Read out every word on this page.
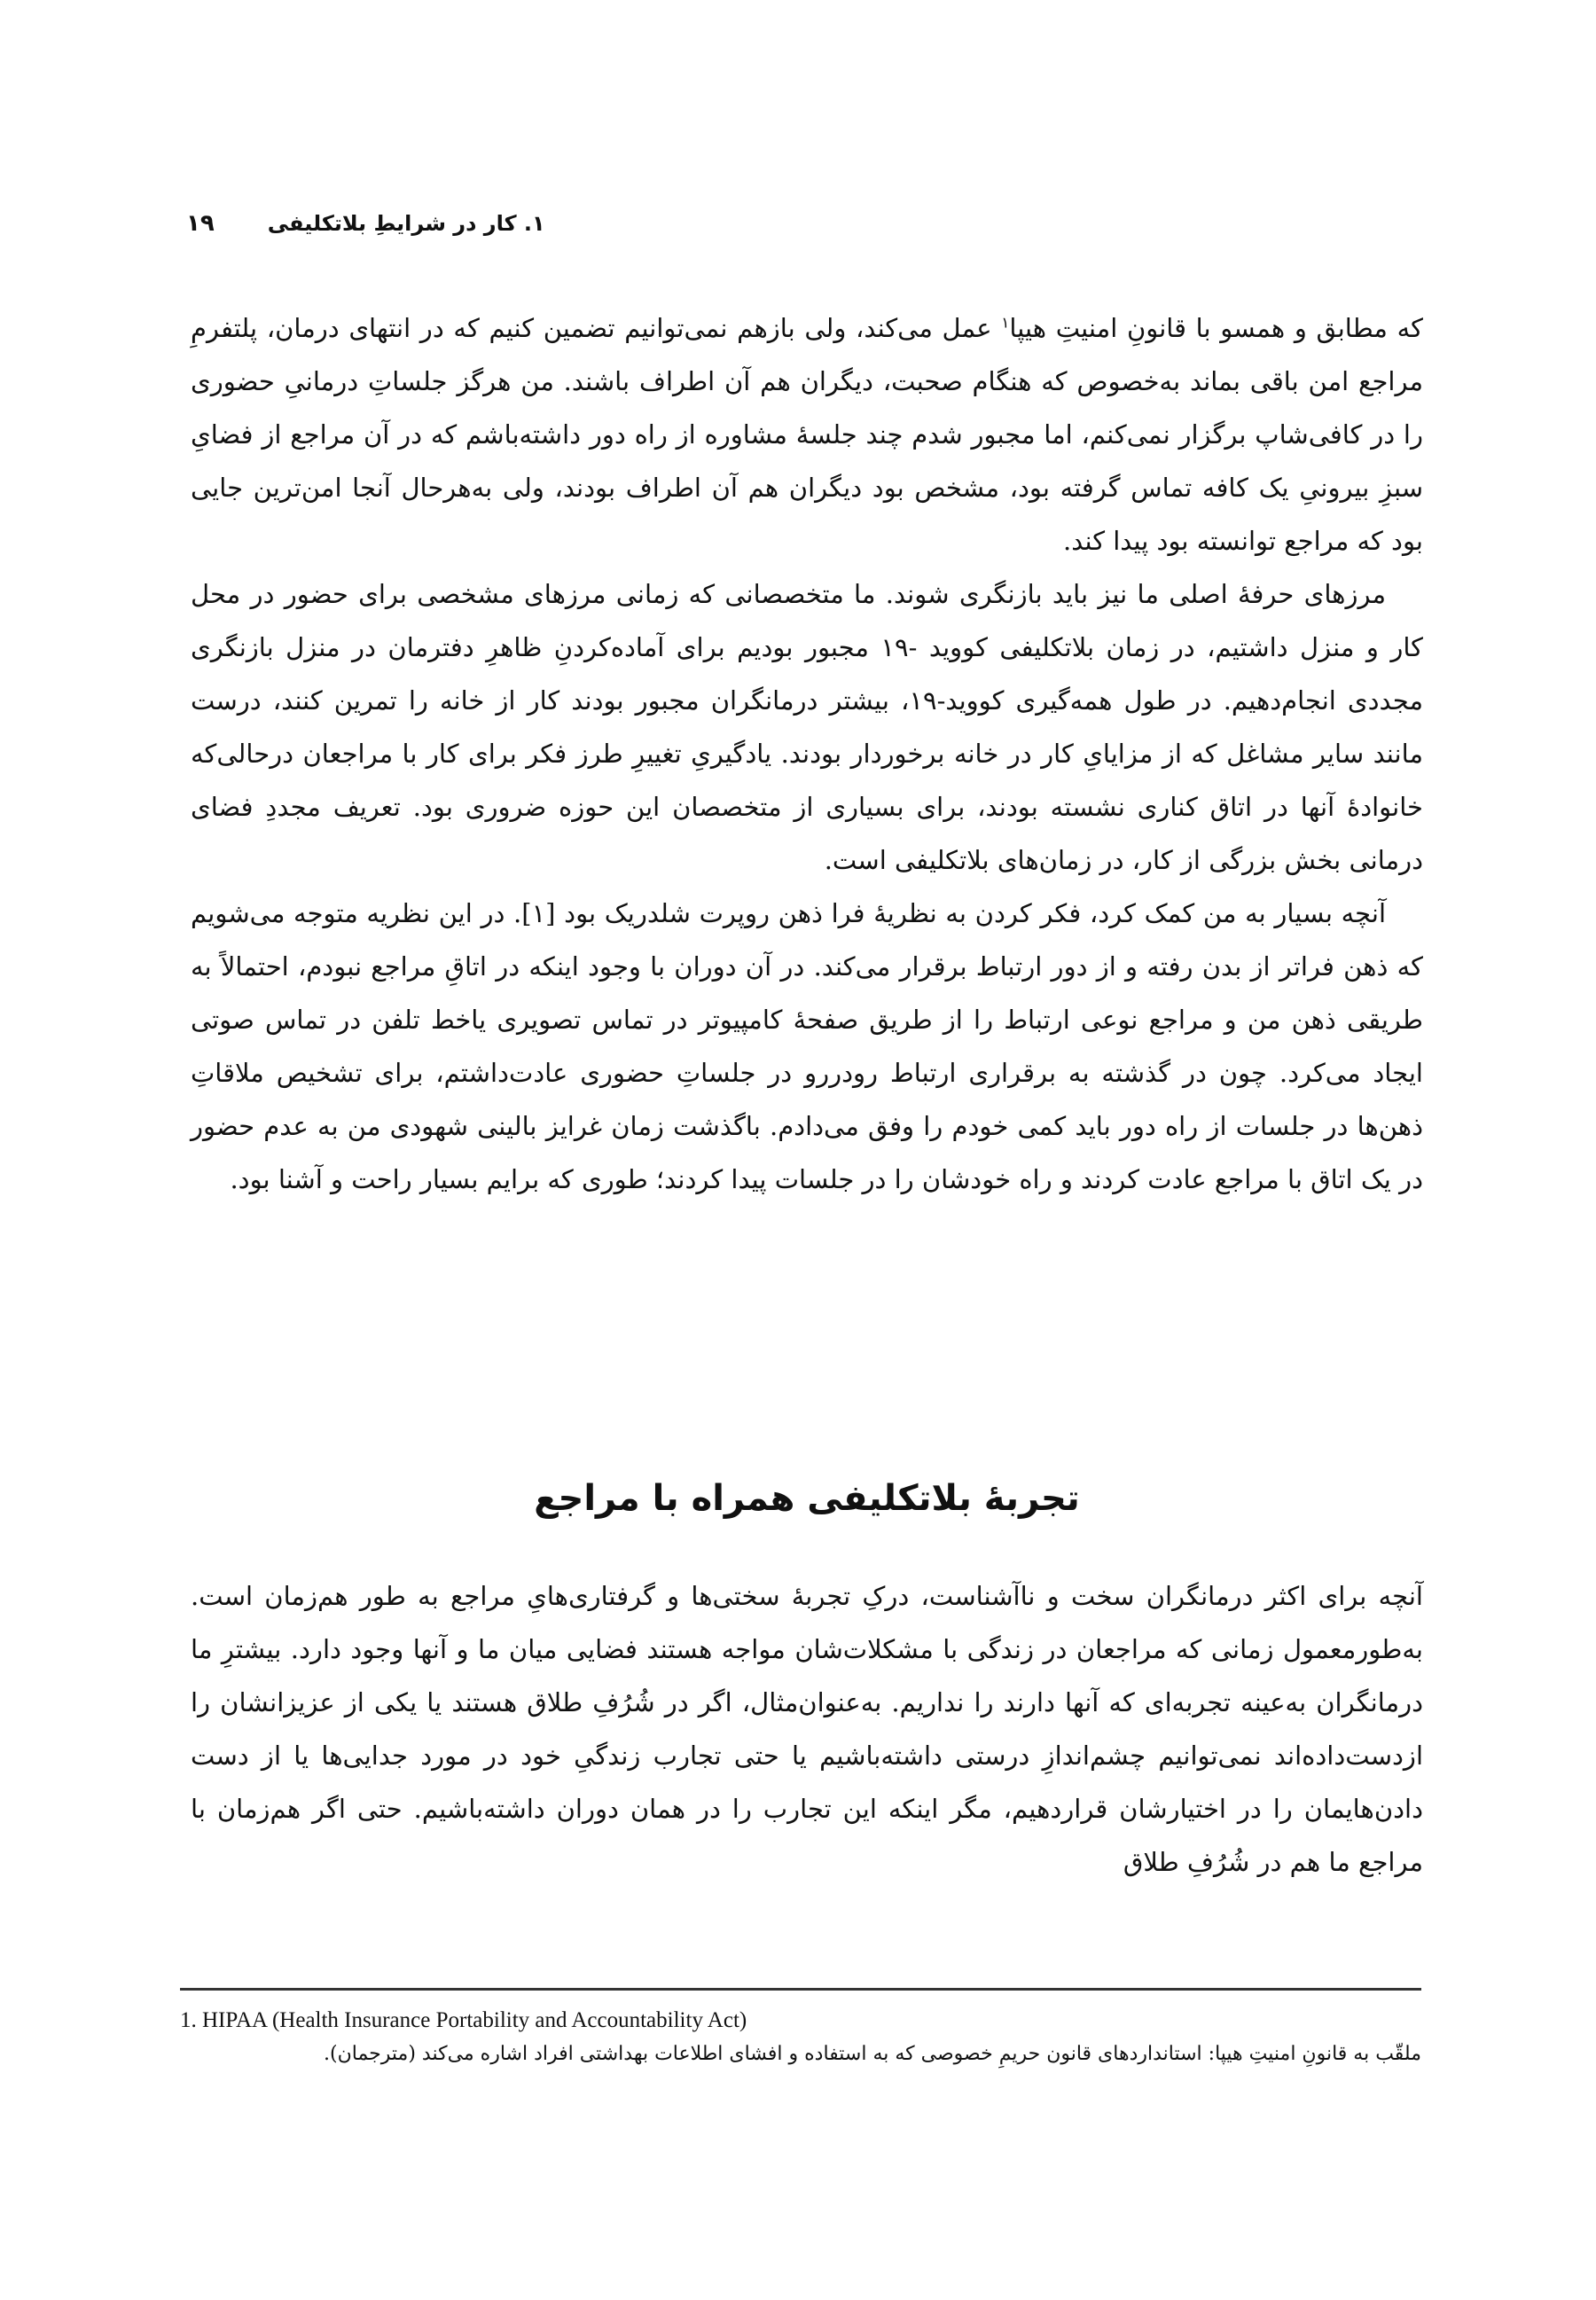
۱۹	۱. کار در شرایطِ بلاتکلیفی

که مطابق و همسو با قانونِ امنیتِ هیپا$^۱$ عمل می‌کند، ولی بازهم نمی‌توانیم تضمین کنیم که در انتهای درمان، پلتفرمِ مراجع امن باقی بماند به‌خصوص که هنگام صحبت، دیگران هم آن اطراف باشند. من هرگز جلساتِ درمانیِ حضوری را در کافی‌شاپ برگزار نمی‌کنم، اما مجبور شدم چند جلسهٔ مشاوره از راه دور داشته‌باشم که در آن مراجع از فضایِ سبزِ بیرونیِ یک کافه تماس گرفته بود، مشخص بود دیگران هم آن اطراف بودند، ولی به‌هرحال آنجا امن‌ترین جایی بود که مراجع توانسته بود پیدا کند.

مرزهای حرفهٔ اصلی ما نیز باید بازنگری شوند. ما متخصصانی که زمانی مرزهای مشخصی برای حضور در محل کار و منزل داشتیم، در زمان بلاتکلیفی کووید -۱۹ مجبور بودیم برای آماده‌کردنِ ظاهرِ دفترمان در منزل بازنگری مجددی انجام‌دهیم. در طول همه‌گیری کووید-۱۹، بیشتر درمانگران مجبور بودند کار از خانه را تمرین کنند، درست مانند سایر مشاغل که از مزایایِ کار در خانه برخوردار بودند. یادگیریِ تغییرِ طرز فکر برای کار با مراجعان درحالی‌که خانوادهٔ آنها در اتاق کناری نشسته بودند، برای بسیاری از متخصصان این حوزه ضروری بود. تعریف مجددِ فضای درمانی بخش بزرگی از کار، در زمان‌های بلاتکلیفی است.

آنچه بسیار به من کمک کرد، فکر کردن به نظریهٔ فرا ذهن روپرت شلدریک بود [۱]. در این نظریه متوجه می‌شویم که ذهن فراتر از بدن رفته و از دور ارتباط برقرار می‌کند. در آن دوران با وجود اینکه در اتاقِ مراجع نبودم، احتمالاً به طریقی ذهن من و مراجع نوعی ارتباط را از طریق صفحهٔ کامپیوتر در تماس تصویری یاخط تلفن در تماس صوتی ایجاد می‌کرد. چون در گذشته به برقراری ارتباط رودررو در جلساتِ حضوری عادت‌داشتم، برای تشخیص ملاقاتِ ذهن‌ها در جلسات از راه دور باید کمی خودم را وفق می‌دادم. باگذشت زمان غرایز بالینی شهودی من به عدم حضور در یک اتاق با مراجع عادت کردند و راه خودشان را در جلسات پیدا کردند؛ طوری که برایم بسیار راحت و آشنا بود.

تجربهٔ بلاتکلیفی همراه با مراجع

آنچه برای اکثر درمانگران سخت و ناآشناست، درکِ تجربهٔ سختی‌ها و گرفتاری‌هایِ مراجع به طور هم‌زمان است. به‌طورمعمول زمانی که مراجعان در زندگی با مشکلات‌شان مواجه هستند فضایی میان ما و آنها وجود دارد. بیشترِ ما درمانگران به‌عینه تجربه‌ای که آنها دارند را نداریم. به‌عنوان‌مثال، اگر در شُرُفِ طلاق هستند یا یکی از عزیزانشان را ازدست‌داده‌اند نمی‌توانیم چشم‌اندازِ درستی داشته‌باشیم یا حتی تجارب زندگیِ خود در مورد جدایی‌ها یا از دست دادن‌هایمان را در اختیارشان قراردهیم، مگر اینکه این تجارب را در همان دوران داشته‌باشیم. حتی اگر هم‌زمان با مراجع ما هم در شُرُفِ طلاق

1. HIPAA (Health Insurance Portability and Accountability Act)
ملقّب به قانونِ امنیتِ هیپا: استانداردهای قانون حریمِ خصوصی که به استفاده و افشای اطلاعات بهداشتی افراد اشاره می‌کند (مترجمان).
